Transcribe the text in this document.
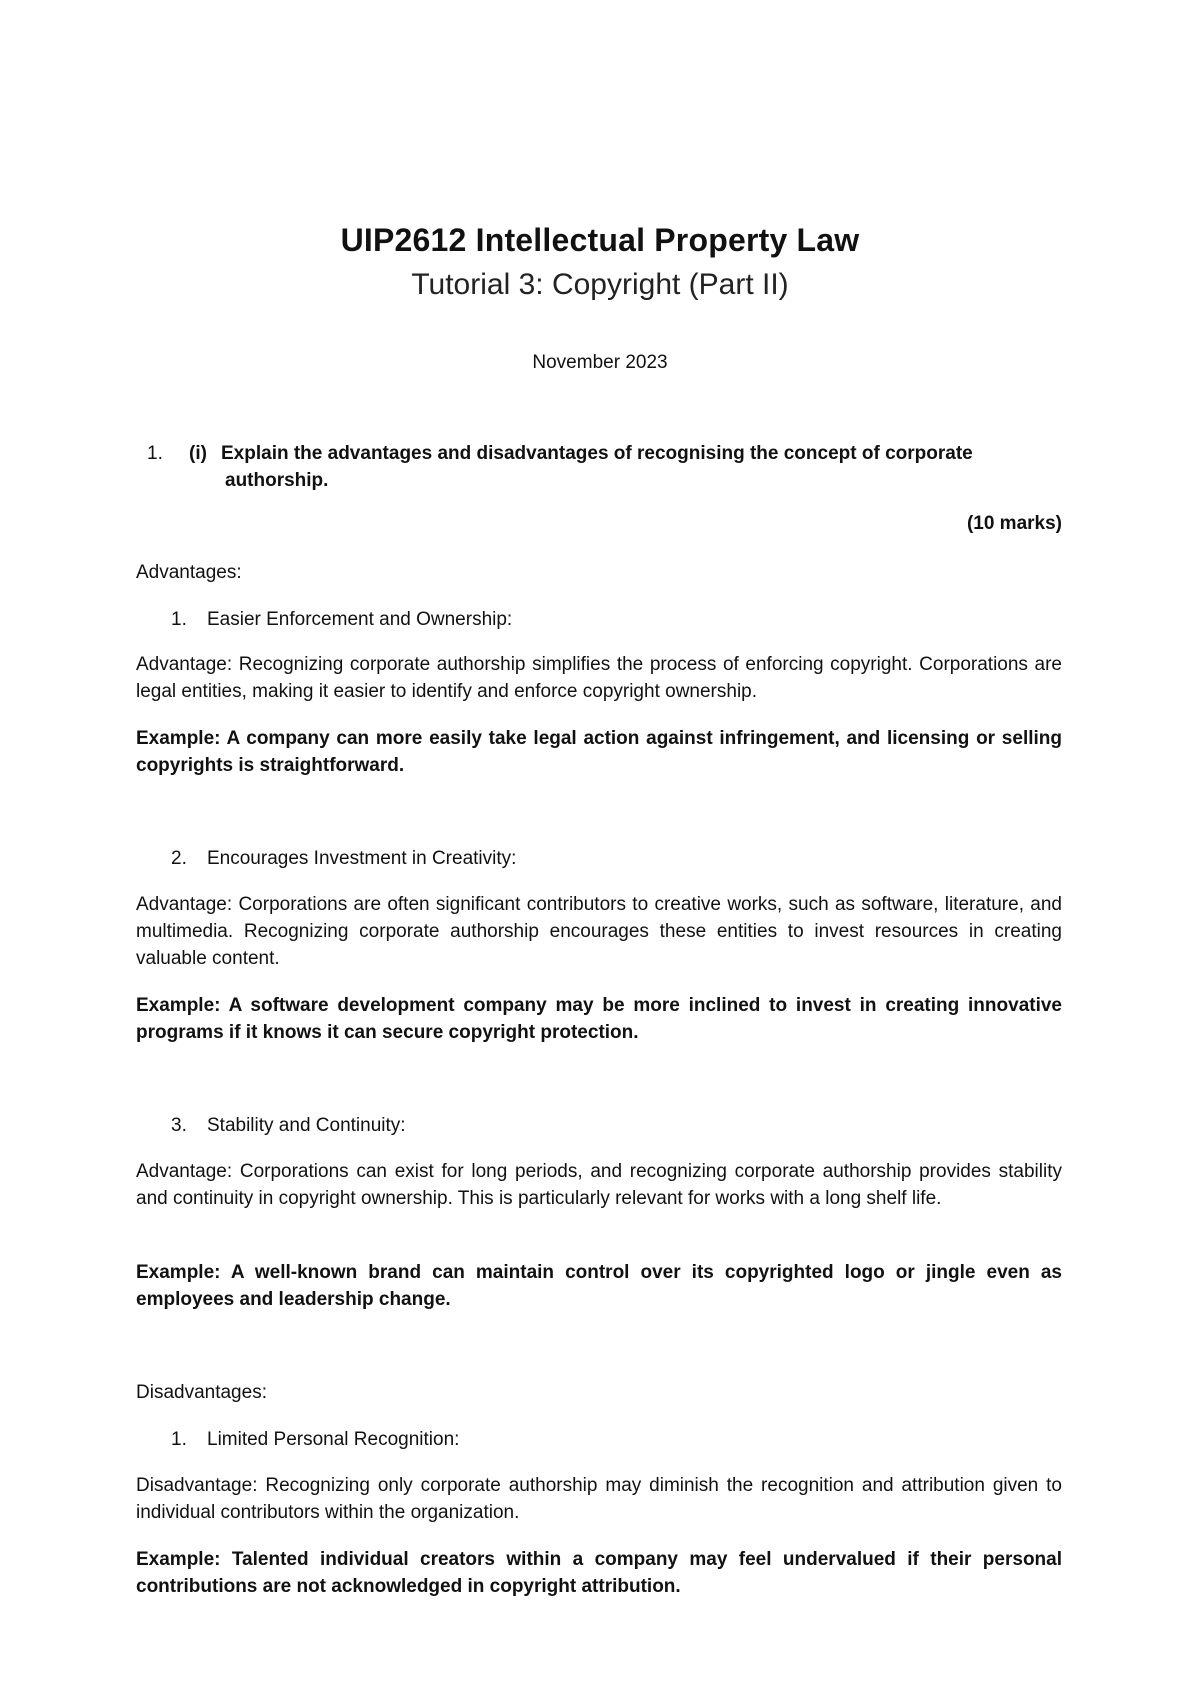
UIP2612 Intellectual Property Law
Tutorial 3: Copyright (Part II)
November 2023
1. (i) Explain the advantages and disadvantages of recognising the concept of corporate
authorship.
(10 marks)
Advantages:
1. Easier Enforcement and Ownership:
Advantage: Recognizing corporate authorship simplifies the process of enforcing copyright. Corporations are legal entities, making it easier to identify and enforce copyright ownership.
Example: A company can more easily take legal action against infringement, and licensing or selling copyrights is straightforward.
2. Encourages Investment in Creativity:
Advantage: Corporations are often significant contributors to creative works, such as software, literature, and multimedia. Recognizing corporate authorship encourages these entities to invest resources in creating valuable content.
Example: A software development company may be more inclined to invest in creating innovative programs if it knows it can secure copyright protection.
3. Stability and Continuity:
Advantage: Corporations can exist for long periods, and recognizing corporate authorship provides stability and continuity in copyright ownership. This is particularly relevant for works with a long shelf life.
Example: A well-known brand can maintain control over its copyrighted logo or jingle even as employees and leadership change.
Disadvantages:
1. Limited Personal Recognition:
Disadvantage: Recognizing only corporate authorship may diminish the recognition and attribution given to individual contributors within the organization.
Example: Talented individual creators within a company may feel undervalued if their personal contributions are not acknowledged in copyright attribution.
